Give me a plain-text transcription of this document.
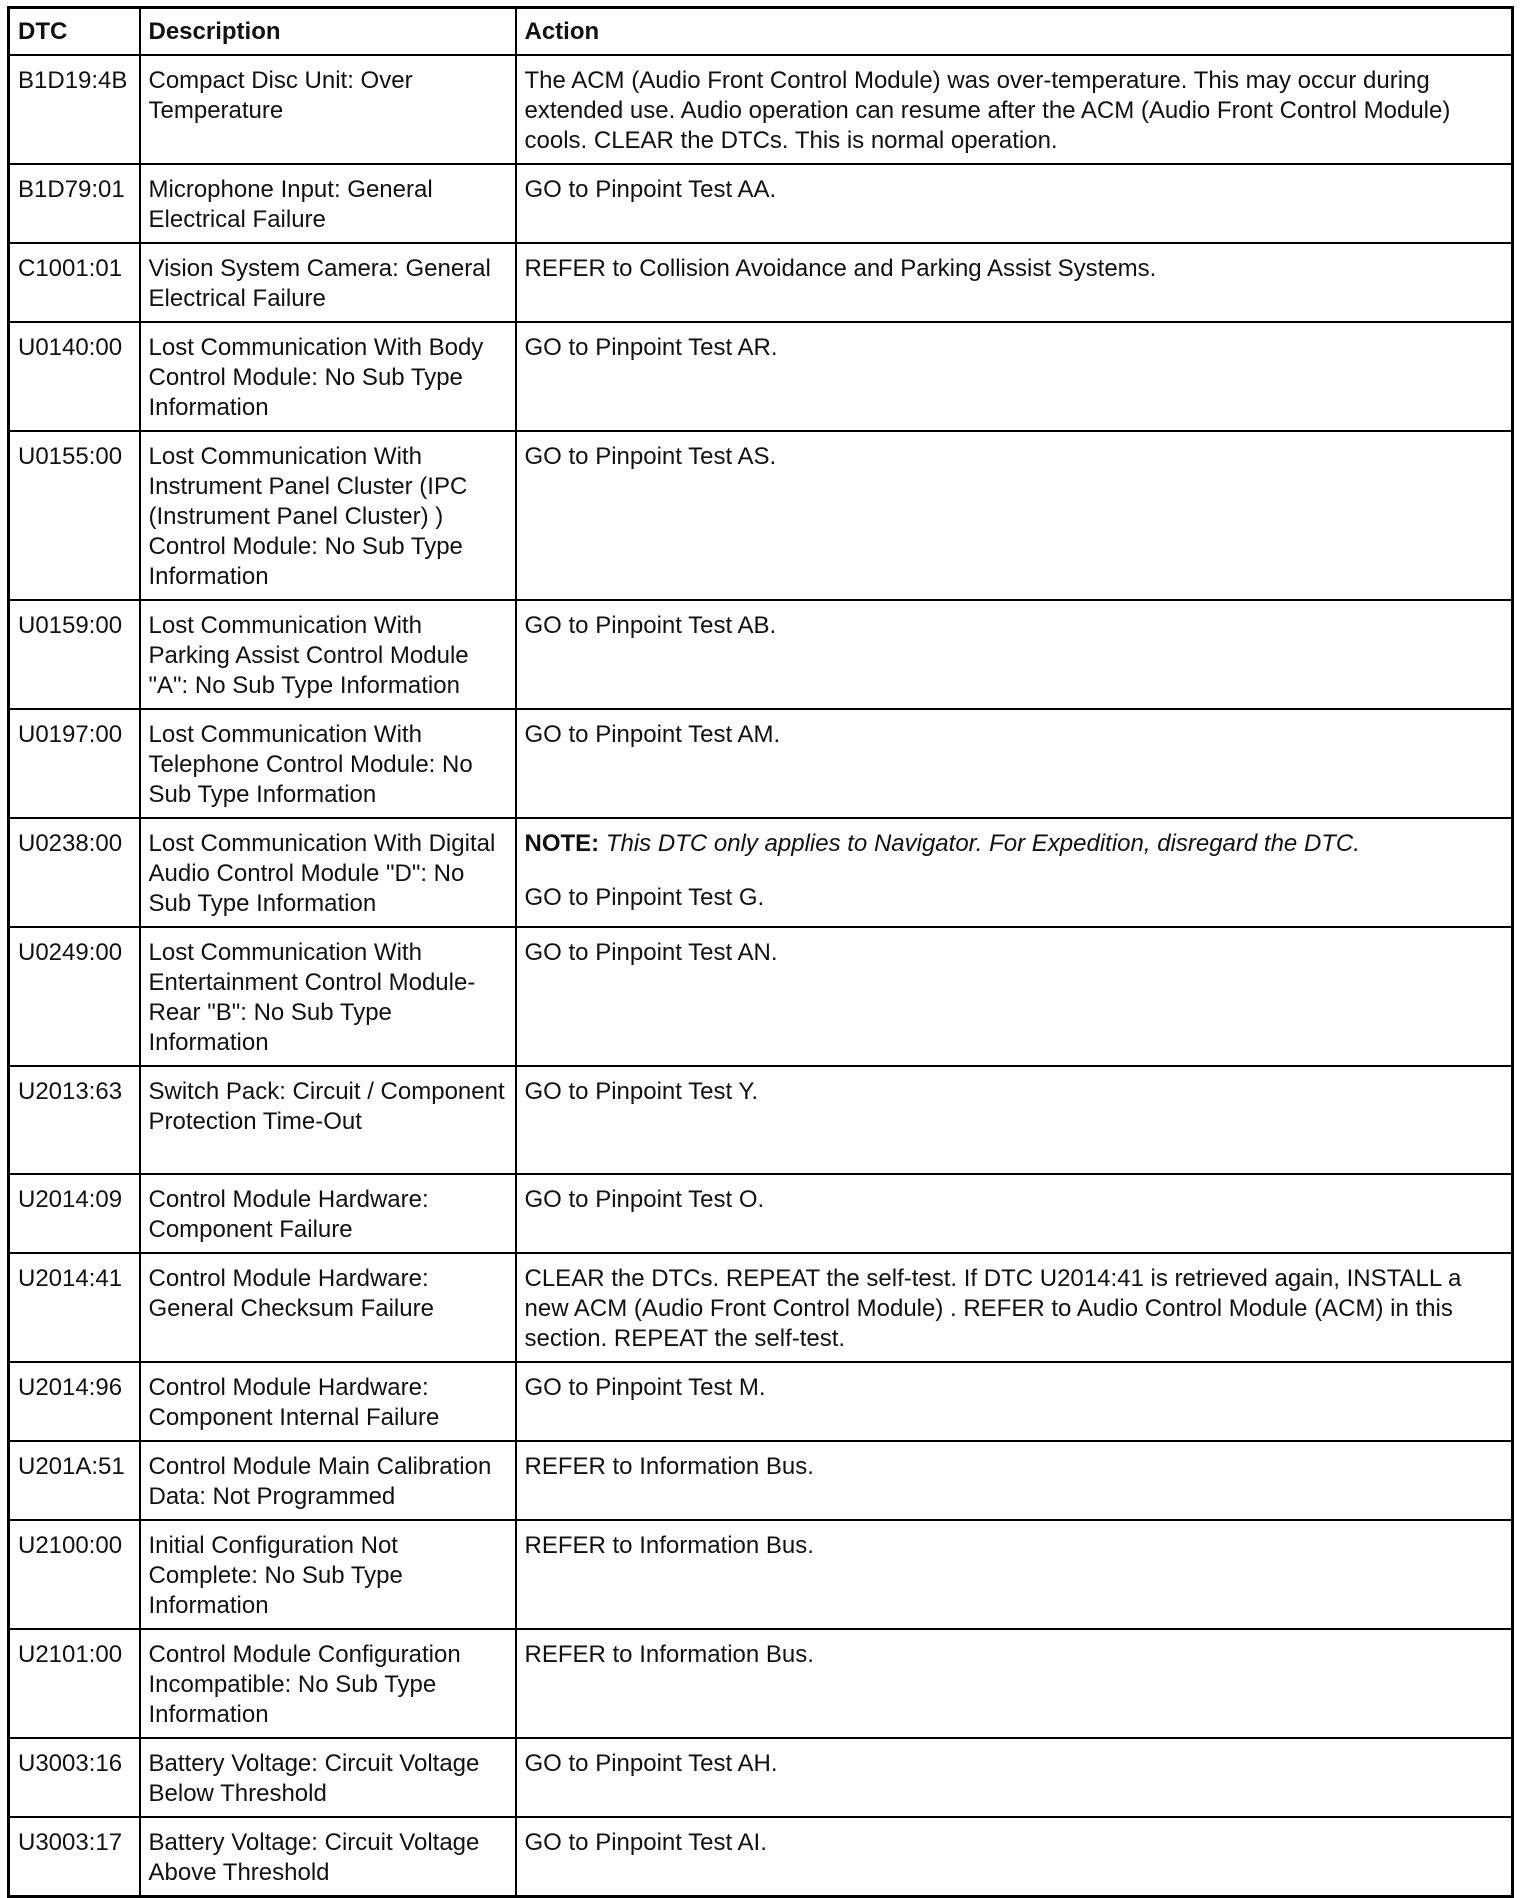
DTC	Description	Action
B1D19:4B	Compact Disc Unit: Over Temperature	The ACM (Audio Front Control Module) was over-temperature. This may occur during extended use. Audio operation can resume after the ACM (Audio Front Control Module) cools. CLEAR the DTCs. This is normal operation.
B1D79:01	Microphone Input: General Electrical Failure	GO to Pinpoint Test AA.
C1001:01	Vision System Camera: General Electrical Failure	REFER to Collision Avoidance and Parking Assist Systems.
U0140:00	Lost Communication With Body Control Module: No Sub Type Information	GO to Pinpoint Test AR.
U0155:00	Lost Communication With Instrument Panel Cluster (IPC (Instrument Panel Cluster) ) Control Module: No Sub Type Information	GO to Pinpoint Test AS.
U0159:00	Lost Communication With Parking Assist Control Module "A": No Sub Type Information	GO to Pinpoint Test AB.
U0197:00	Lost Communication With Telephone Control Module: No Sub Type Information	GO to Pinpoint Test AM.
U0238:00	Lost Communication With Digital Audio Control Module "D": No Sub Type Information	NOTE: This DTC only applies to Navigator. For Expedition, disregard the DTC.
GO to Pinpoint Test G.

U0249:00	Lost Communication With Entertainment Control Module-Rear "B": No Sub Type Information	GO to Pinpoint Test AN.
U2013:63	Switch Pack: Circuit / Component Protection Time-Out	GO to Pinpoint Test Y.
U2014:09	Control Module Hardware: Component Failure	GO to Pinpoint Test O.
U2014:41	Control Module Hardware: General Checksum Failure	CLEAR the DTCs. REPEAT the self-test. If DTC U2014:41 is retrieved again, INSTALL a new ACM (Audio Front Control Module) . REFER to Audio Control Module (ACM) in this section. REPEAT the self-test.
U2014:96	Control Module Hardware: Component Internal Failure	GO to Pinpoint Test M.
U201A:51	Control Module Main Calibration Data: Not Programmed	REFER to Information Bus.
U2100:00	Initial Configuration Not Complete: No Sub Type Information	REFER to Information Bus.
U2101:00	Control Module Configuration Incompatible: No Sub Type Information	REFER to Information Bus.
U3003:16	Battery Voltage: Circuit Voltage Below Threshold	GO to Pinpoint Test AH.
U3003:17	Battery Voltage: Circuit Voltage Above Threshold	GO to Pinpoint Test AI.
